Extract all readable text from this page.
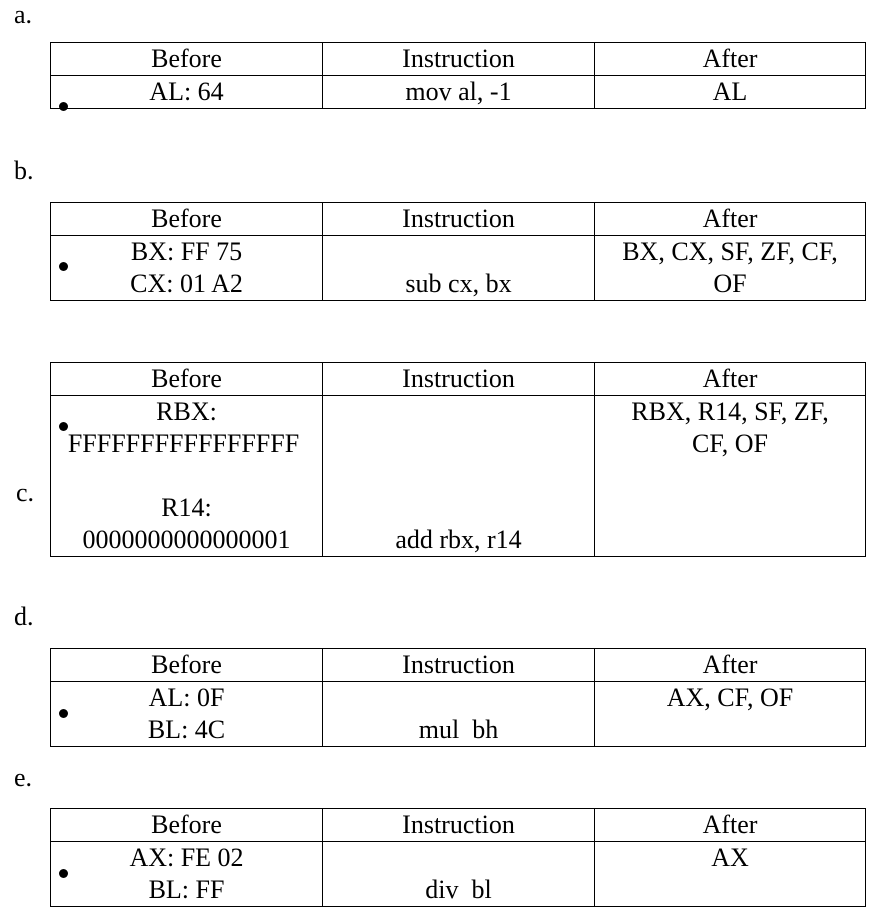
a.
b.
c.
d.
e.
Before	Instruction	After

AL: 64	mov al, -1	AL
Before	Instruction	After

BX: FF 75
CX: 01 A2	sub cx, bx	BX, CX, SF, ZF, CF, OF
Before	Instruction	After

RBX:
FFFFFFFFFFFFFFFF
R14:
0000000000000001	add rbx, r14	RBX, R14, SF, ZF, CF, OF
Before	Instruction	After

AL: 0F
BL: 4C	mul  bh	AX, CF, OF
Before	Instruction	After

AX: FE 02
BL: FF	div  bl	AX
